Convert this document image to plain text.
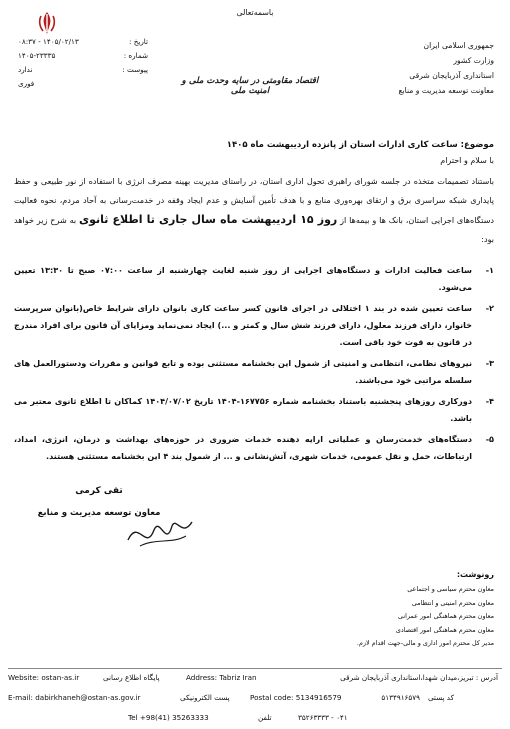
جمهوری اسلامی ایران
وزارت کشور
استانداری آذربایجان شرقی
معاونت توسعه مدیریت و منابع
باسمه‌تعالی
تاریخ :
۱۴۰۵/۰۲/۱۳ - ۰۸:۳۷
شماره :
۱۴۰۵-۲۳۳۳۵
پیوست :
ندارد
فوری	اقتصاد مقاومتی در سایه وحدت ملی و امنیت ملی
موضوع: ساعت کاری ادارات استان از پانزده اردیبهشت ماه ۱۴۰۵
با سلام و احترام
باستناد تصمیمات متخذه در جلسه شورای راهبری تحول اداری استان، در راستای مدیریت بهینه مصرف انرژی با استفاده از نور طبیعی و حفظ پایداری شبکه سراسری برق و ارتقای بهره‌وری منابع و با هدف تأمین آسایش و عدم ایجاد وقفه در خدمت‌رسانی به آحاد مردم، نحوه فعالیت دستگاه‌های اجرایی استان، بانک ها و بیمه‌ها از روز ۱۵ اردیبهشت ماه سال جاری تا اطلاع ثانوی به شرح زیر خواهد بود:
۱-
ساعت فعالیت ادارات و دستگاه‌های اجرایی از روز شنبه لغایت چهارشنبه از ساعت ۰۷:۰۰ صبح تا ۱۳:۳۰ تعیین می‌شود.
۲-
ساعت تعیین شده در بند ۱ اختلالی در اجرای قانون کسر ساعت کاری بانوان دارای شرایط خاص(بانوان سرپرست خانوار، دارای فرزند معلول، دارای فرزند شش سال و کمتر و ...) ایجاد نمی‌نماید ومزایای آن قانون برای افراد مندرج در قانون به قوت خود باقی است.
۳-
نیروهای نظامی، انتظامی و امنیتی از شمول این بخشنامه مستثنی بوده و تابع قوانین و مقررات ودستورالعمل های سلسله مراتبی خود می‌باشند.
۴-
دورکاری روزهای پنجشنبه باستناد بخشنامه شماره ۱۶۷۷۵۶-۱۴۰۴ تاریخ ۱۴۰۴/۰۷/۰۲ کماکان تا اطلاع ثانوی معتبر می باشد.
۵-
دستگاه‌های خدمت‌رسان و عملیاتی ارایه دهنده خدمات ضروری در حوزه‌های بهداشت و درمان، انرژی، امداد، ارتباطات، حمل و نقل عمومی، خدمات شهری، آتش‌نشانی و ... از شمول بند ۴ این بخشنامه مستثنی هستند.
تقی کرمی
معاون توسعه مدیریت و منابع
رونوشت:
معاون محترم سیاسی و اجتماعی
معاون محترم امنیتی و انتظامی
معاون محترم هماهنگی امور عمرانی
معاون محترم هماهنگی امور اقتصادی
مدیر کل محترم امور اداری و مالی-جهت اقدام لازم.
Website: ostan-as.ir	پایگاه اطلاع رسانی	Address: Tabriz Iran	آدرس : تبریز،میدان شهدا،استانداری آذربایجان شرقی
E-mail: dabirkhaneh@ostan-as.gov.ir	پست الکترونیکی	Postal code: 5134916579	کد پستی
۵۱۳۴۹۱۶۵۷۹
Tel +98(41) 35263333	تلفن	۰۴۱ - ۳۵۲۶۳۳۳۳
